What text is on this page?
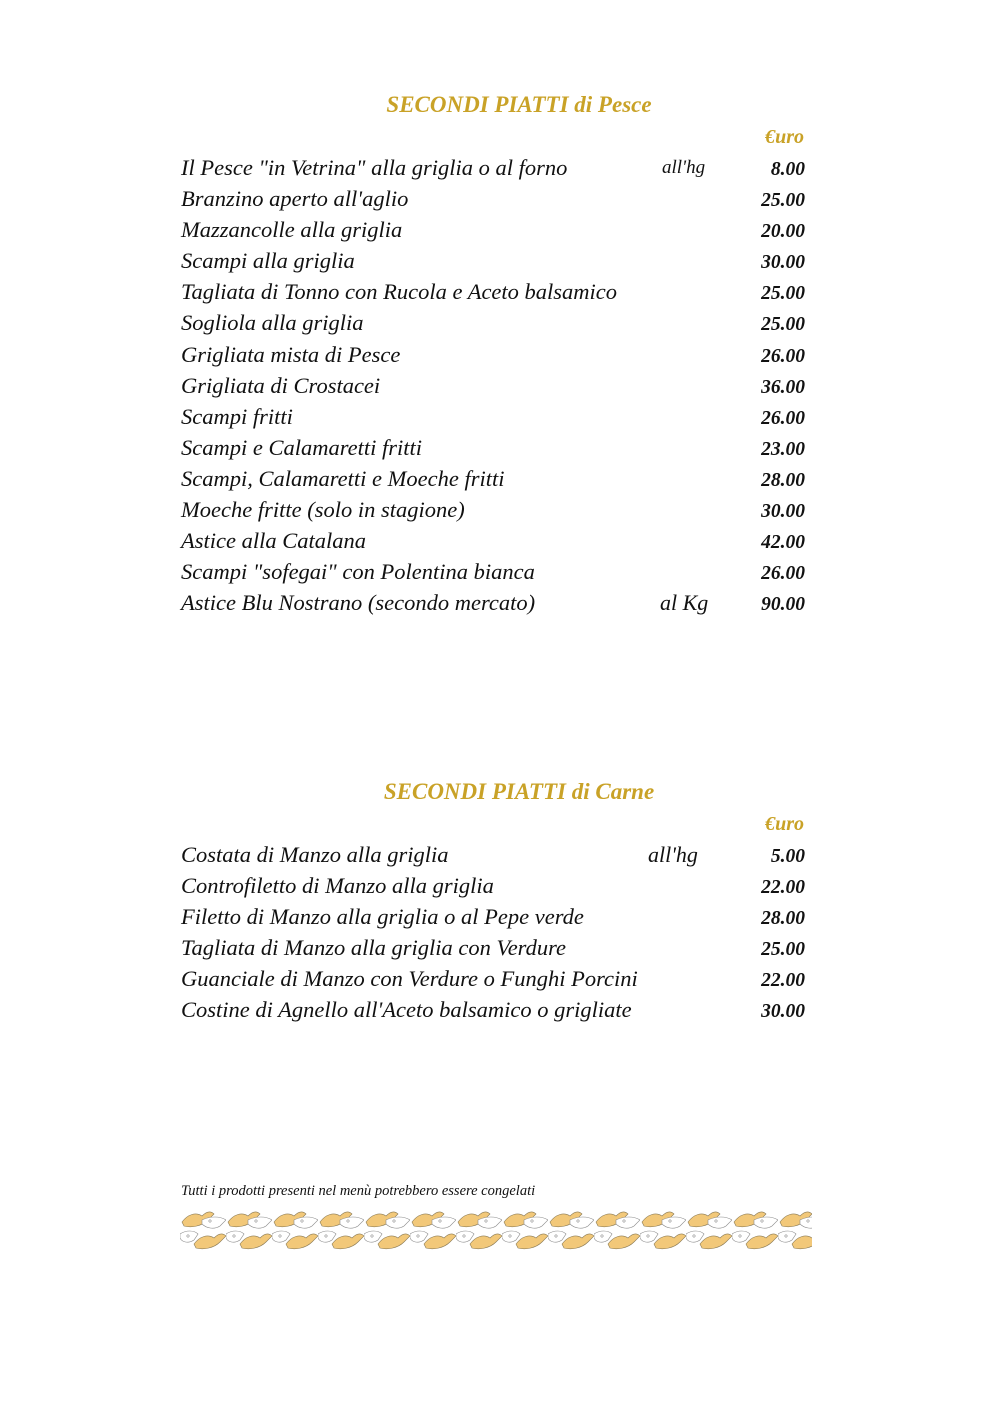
SECONDI PIATTI di Pesce
€uro
Il Pesce "in Vetrina" alla griglia o al forno	all'hg	8.00
Branzino aperto all'aglio	25.00
Mazzancolle alla griglia	20.00
Scampi alla griglia	30.00
Tagliata di Tonno con Rucola e Aceto balsamico	25.00
Sogliola alla griglia	25.00
Grigliata mista di Pesce	26.00
Grigliata di Crostacei	36.00
Scampi fritti	26.00
Scampi e Calamaretti fritti	23.00
Scampi, Calamaretti e Moeche fritti	28.00
Moeche fritte (solo in stagione)	30.00
Astice alla Catalana	42.00
Scampi "sofegai" con Polentina bianca	26.00
Astice Blu Nostrano (secondo mercato)	al Kg	90.00
SECONDI PIATTI di Carne
€uro
Costata di Manzo alla griglia	all'hg	5.00
Controfiletto di Manzo alla griglia	22.00
Filetto di Manzo alla griglia o al Pepe verde	28.00
Tagliata di Manzo alla griglia con Verdure	25.00
Guanciale di Manzo con Verdure o Funghi Porcini	22.00
Costine di Agnello all'Aceto balsamico o grigliate	30.00
Tutti i prodotti presenti nel menù potrebbero essere congelati
